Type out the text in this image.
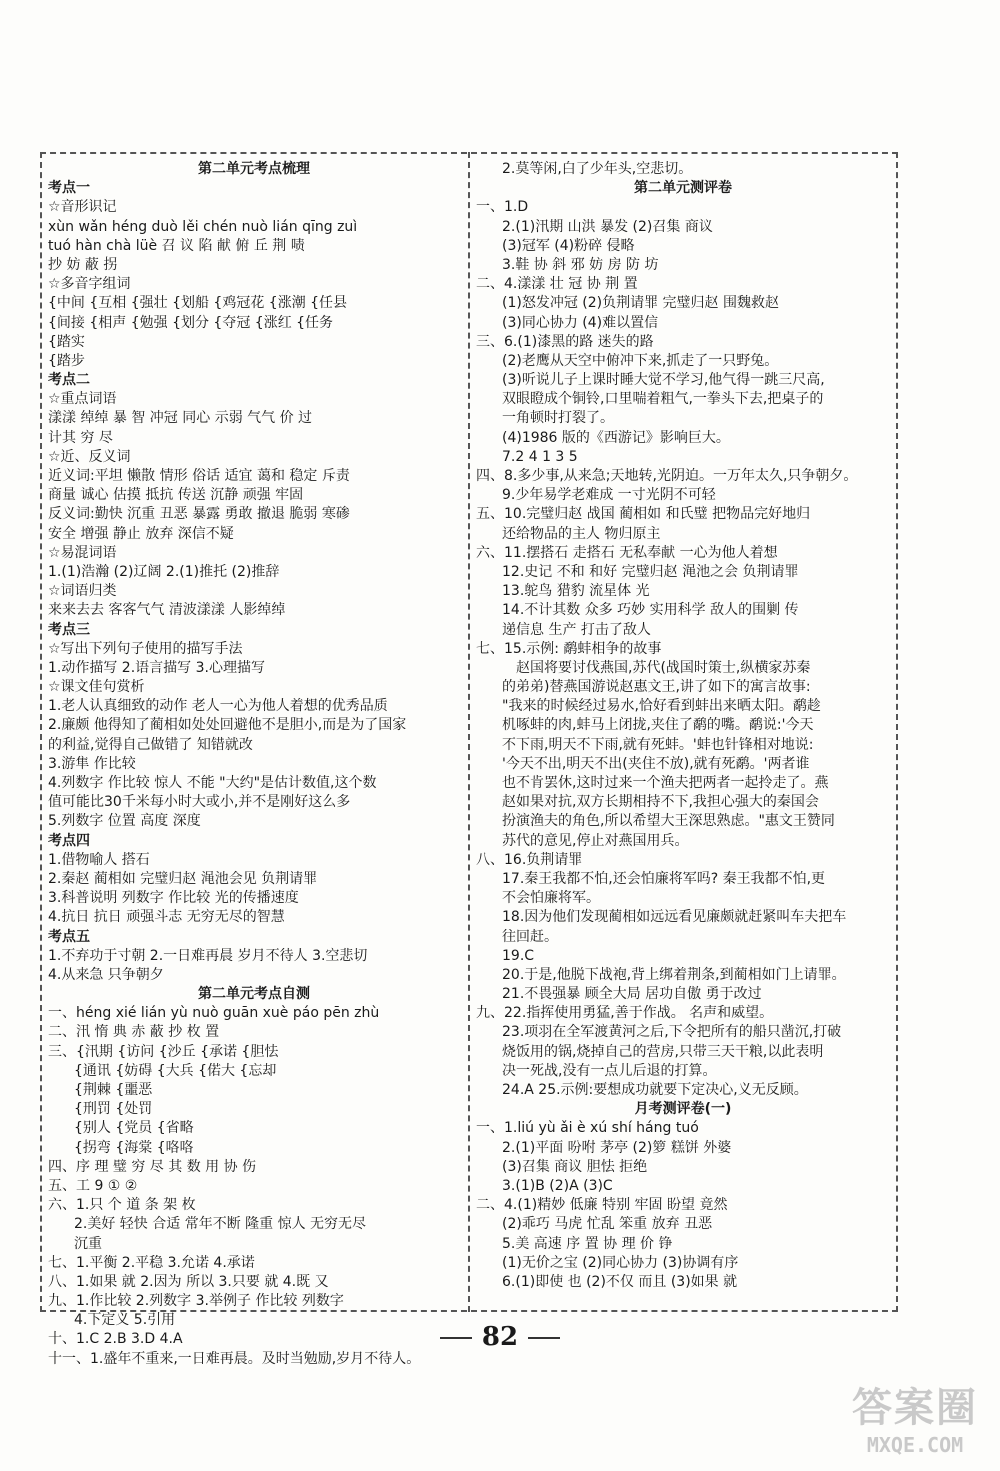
第二单元考点梳理
考点一
☆音形识记
xùn wǎn héng duò lěi chén nuò lián qīng zuì
tuó hàn chà lüè 召 议 陷 献 俯 丘 荆 啧
抄 妨 蔽 拐
☆多音字组词
{中间 {互相 {强壮 {划船 {鸡冠花 {涨潮 {任县
{间接 {相声 {勉强 {划分 {夺冠 {涨红 {任务
{踏实
{踏步
考点二
☆重点词语
漾漾 绰绰 暴 智 冲冠 同心 示弱 气气 价 过
计其 穷 尽
☆近、反义词
近义词:平坦 懒散 情形 俗话 适宜 蔼和 稳定 斥责
商量 诚心 估摸 抵抗 传送 沉静 顽强 牢固
反义词:勤快 沉重 丑恶 暴露 勇敢 撤退 脆弱 寒碜
安全 增强 静止 放弃 深信不疑
☆易混词语
1.(1)浩瀚 (2)辽阔 2.(1)推托 (2)推辞
☆词语归类
来来去去 客客气气 清波漾漾 人影绰绰
考点三
☆写出下列句子使用的描写手法
1.动作描写 2.语言描写 3.心理描写
☆课文佳句赏析
1.老人认真细致的动作 老人一心为他人着想的优秀品质
2.廉颇 他得知了蔺相如处处回避他不是胆小,而是为了国家
的利益,觉得自己做错了 知错就改
3.游隼 作比较
4.列数字 作比较 惊人 不能 "大约"是估计数值,这个数
值可能比30千米每小时大或小,并不是刚好这么多
5.列数字 位置 高度 深度
考点四
1.借物喻人 搭石
2.秦赵 蔺相如 完璧归赵 渑池会见 负荆请罪
3.科普说明 列数字 作比较 光的传播速度
4.抗日 抗日 顽强斗志 无穷无尽的智慧
考点五
1.不弃功于寸朝 2.一日难再晨 岁月不待人 3.空悲切
4.从来急 只争朝夕
第二单元考点自测
一、héng xié lián yù nuò guān xuè páo pēn zhù
二、汛 惰 典 赤 蔽 抄 枚 置
三、{汛期 {访问 {沙丘 {承诺 {胆怯
{通讯 {妨碍 {大兵 {偌大 {忘却
{荆棘 {噩恶
{刑罚 {处罚
{别人 {党员 {省略
{拐弯 {海棠 {咯咯
四、序 理 璧 穷 尽 其 数 用 协 伤
五、工 9 ① ②
六、1.只 个 道 条 架 枚
2.美好 轻快 合适 常年不断 隆重 惊人 无穷无尽
沉重
七、1.平衡 2.平稳 3.允诺 4.承诺
八、1.如果 就 2.因为 所以 3.只要 就 4.既 又
九、1.作比较 2.列数字 3.举例子 作比较 列数字
4.下定义 5.引用
十、1.C 2.B 3.D 4.A
十一、1.盛年不重来,一日难再晨。及时当勉励,岁月不待人。
2.莫等闲,白了少年头,空悲切。
第二单元测评卷
一、1.D
2.(1)汛期 山洪 暴发 (2)召集 商议
(3)冠军 (4)粉碎 侵略
3.鞋 协 斜 邪 妨 房 防 坊
二、4.漾漾 壮 冠 协 荆 置
(1)怒发冲冠 (2)负荆请罪 完璧归赵 围魏救赵
(3)同心协力 (4)难以置信
三、6.(1)漆黑的路 迷失的路
(2)老鹰从天空中俯冲下来,抓走了一只野兔。
(3)听说儿子上课时睡大觉不学习,他气得一跳三尺高,
双眼瞪成个铜铃,口里喘着粗气,一拳头下去,把桌子的
一角顿时打裂了。
(4)1986 版的《西游记》影响巨大。
7.2 4 1 3 5
四、8.多少事,从来急;天地转,光阴迫。一万年太久,只争朝夕。
9.少年易学老难成 一寸光阴不可轻
五、10.完璧归赵 战国 蔺相如 和氏璧 把物品完好地归
还给物品的主人 物归原主
六、11.摆搭石 走搭石 无私奉献 一心为他人着想
12.史记 不和 和好 完璧归赵 渑池之会 负荆请罪
13.鸵鸟 猎豹 流星体 光
14.不计其数 众多 巧妙 实用科学 敌人的围剿 传
递信息 生产 打击了敌人
七、15.示例: 鹬蚌相争的故事
赵国将要讨伐燕国,苏代(战国时策士,纵横家苏秦
的弟弟)替燕国游说赵惠文王,讲了如下的寓言故事:
"我来的时候经过易水,恰好看到蚌出来晒太阳。鹬趁
机啄蚌的肉,蚌马上闭拢,夹住了鹬的嘴。鹬说:'今天
不下雨,明天不下雨,就有死蚌。'蚌也针锋相对地说:
'今天不出,明天不出(夹住不放),就有死鹬。'两者谁
也不肯罢休,这时过来一个渔夫把两者一起拎走了。燕
赵如果对抗,双方长期相持不下,我担心强大的秦国会
扮演渔夫的角色,所以希望大王深思熟虑。"惠文王赞同
苏代的意见,停止对燕国用兵。
八、16.负荆请罪
17.秦王我都不怕,还会怕廉将军吗? 秦王我都不怕,更
不会怕廉将军。
18.因为他们发现蔺相如远远看见廉颇就赶紧叫车夫把车
往回赶。
19.C
20.于是,他脱下战袍,背上绑着荆条,到蔺相如门上请罪。
21.不畏强暴 顾全大局 居功自傲 勇于改过
九、22.指挥使用勇猛,善于作战。 名声和威望。
23.项羽在全军渡黄河之后,下令把所有的船只凿沉,打破
烧饭用的锅,烧掉自己的营房,只带三天干粮,以此表明
决一死战,没有一点儿后退的打算。
24.A 25.示例:要想成功就要下定决心,义无反顾。
月考测评卷(一)
一、1.liú yù ǎi è xú shí háng tuó
2.(1)平面 吩咐 茅亭 (2)箩 糕饼 外婆
(3)召集 商议 胆怯 拒绝
3.(1)B (2)A (3)C
二、4.(1)精妙 低廉 特别 牢固 盼望 竟然
(2)乖巧 马虎 忙乱 笨重 放弃 丑恶
5.美 高速 序 置 协 理 价 铮
(1)无价之宝 (2)同心协力 (3)协调有序
6.(1)即使 也 (2)不仅 而且 (3)如果 就
82
答案圈
MXQE.COM
